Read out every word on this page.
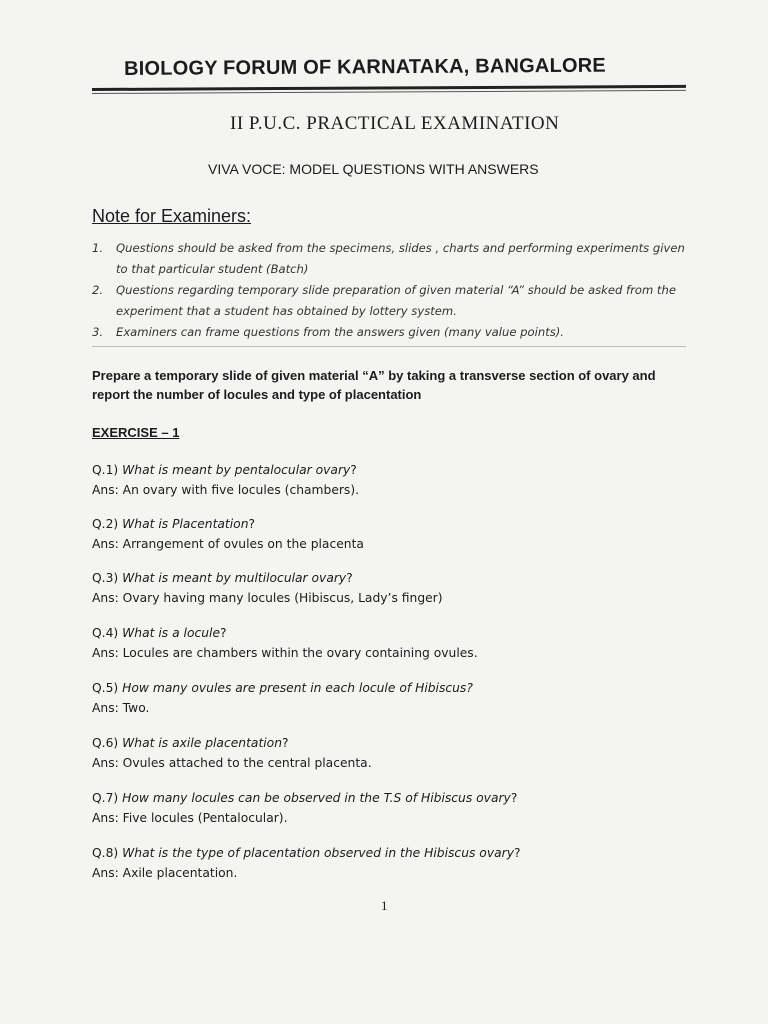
BIOLOGY FORUM OF KARNATAKA, BANGALORE
II P.U.C. PRACTICAL EXAMINATION
VIVA VOCE: MODEL QUESTIONS WITH ANSWERS
Note for Examiners:
1. Questions should be asked from the specimens, slides , charts and performing experiments given to that particular student (Batch)
2. Questions regarding temporary slide preparation of given material “A” should be asked from the experiment that a student has obtained by lottery system.
3. Examiners can frame questions from the answers given (many value points).
Prepare a temporary slide of given material “A” by taking a transverse section of ovary and report the number of locules and type of placentation
EXERCISE – 1
Q.1) What is meant by pentalocular ovary?
Ans: An ovary with five locules (chambers).
Q.2) What is Placentation?
Ans: Arrangement of ovules on the placenta
Q.3) What is meant by multilocular ovary?
Ans: Ovary having many locules (Hibiscus, Lady’s finger)
Q.4) What is a locule?
Ans: Locules are chambers within the ovary containing ovules.
Q.5) How many ovules are present in each locule of Hibiscus?
Ans: Two.
Q.6) What is axile placentation?
Ans: Ovules attached to the central placenta.
Q.7) How many locules can be observed in the T.S of Hibiscus ovary?
Ans: Five locules (Pentalocular).
Q.8) What is the type of placentation observed in the Hibiscus ovary?
Ans: Axile placentation.
1
